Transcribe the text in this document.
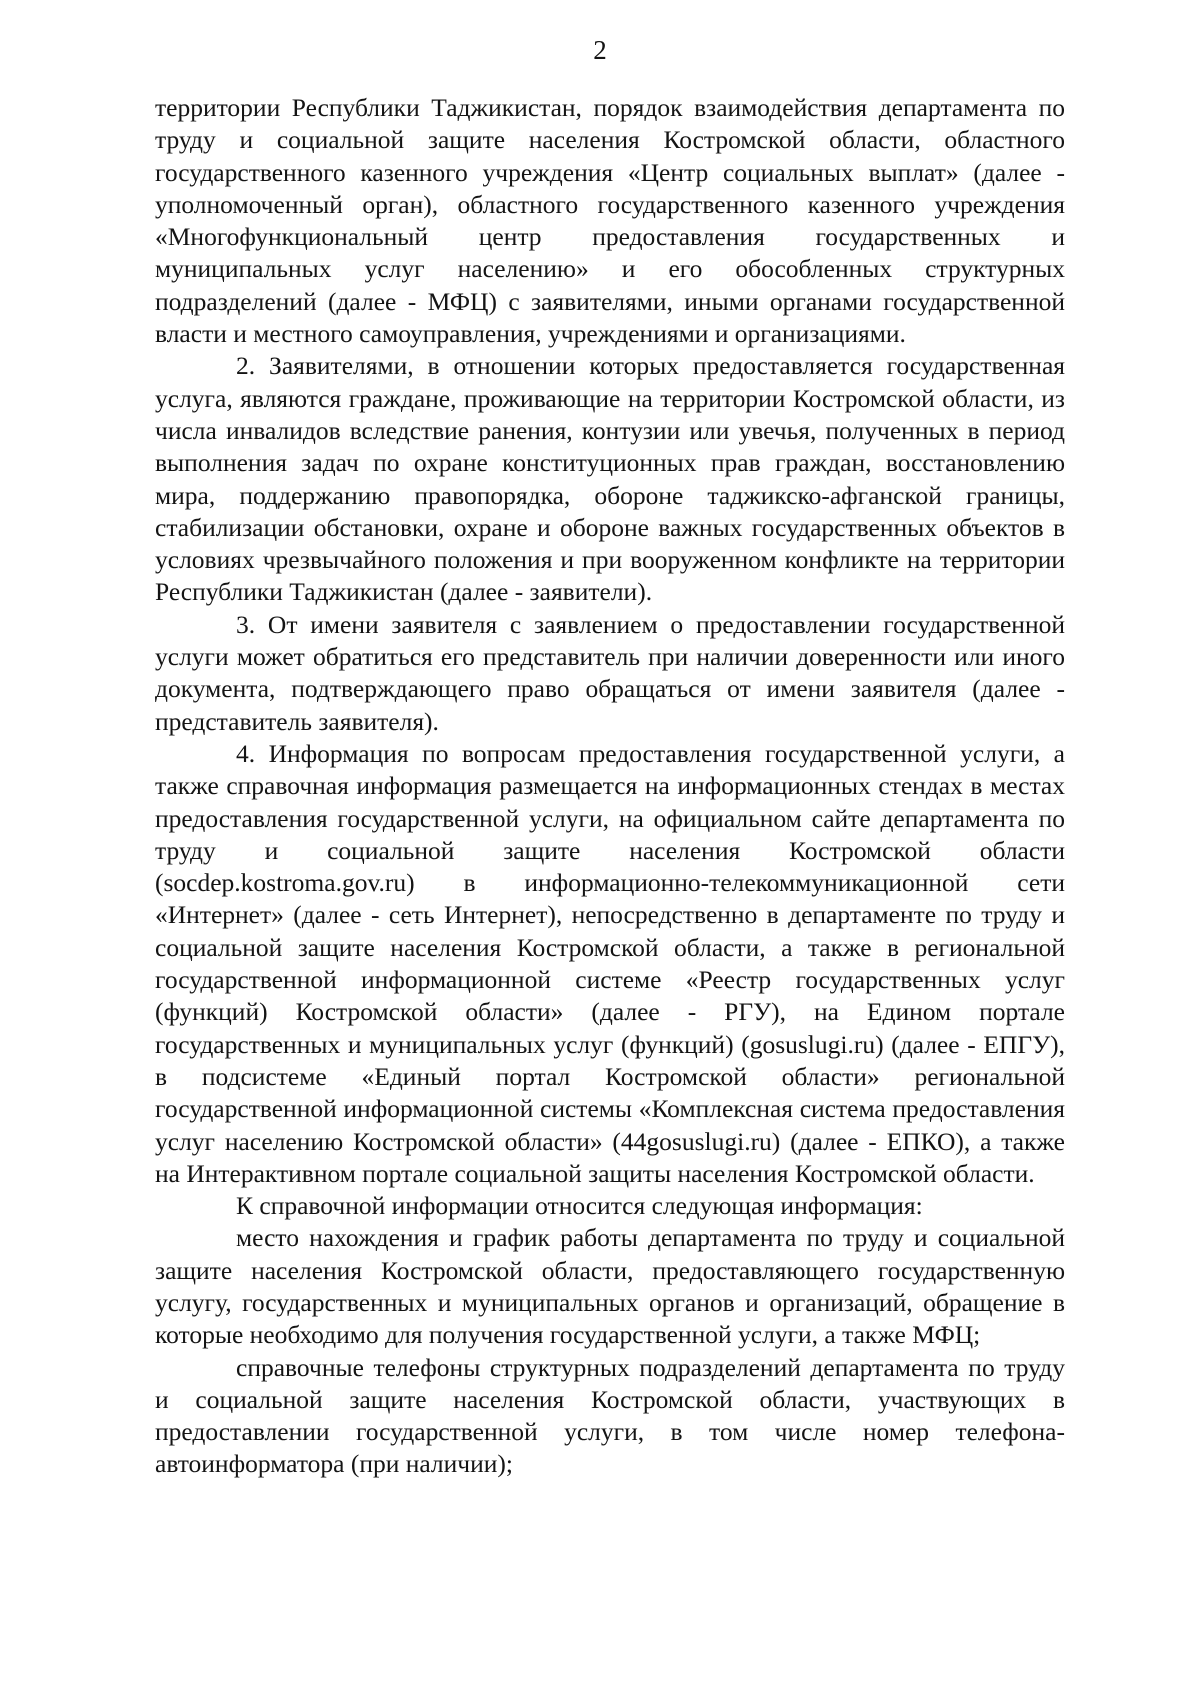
2

территории Республики Таджикистан, порядок взаимодействия департамента по труду и социальной защите населения Костромской области, областного государственного казенного учреждения «Центр социальных выплат» (далее - уполномоченный орган), областного государственного казенного учреждения «Многофункциональный центр предоставления государственных и муниципальных услуг населению» и его обособленных структурных подразделений (далее - МФЦ) с заявителями, иными органами государственной власти и местного самоуправления, учреждениями и организациями.

2. Заявителями, в отношении которых предоставляется государственная услуга, являются граждане, проживающие на территории Костромской области, из числа инвалидов вследствие ранения, контузии или увечья, полученных в период выполнения задач по охране конституционных прав граждан, восстановлению мира, поддержанию правопорядка, обороне таджикско-афганской границы, стабилизации обстановки, охране и обороне важных государственных объектов в условиях чрезвычайного положения и при вооруженном конфликте на территории Республики Таджикистан (далее - заявители).

3. От имени заявителя с заявлением о предоставлении государственной услуги может обратиться его представитель при наличии доверенности или иного документа, подтверждающего право обращаться от имени заявителя (далее - представитель заявителя).

4. Информация по вопросам предоставления государственной услуги, а также справочная информация размещается на информационных стендах в местах предоставления государственной услуги, на официальном сайте департамента по труду и социальной защите населения Костромской области (socdep.kostroma.gov.ru) в информационно-телекоммуникационной сети «Интернет» (далее - сеть Интернет), непосредственно в департаменте по труду и социальной защите населения Костромской области, а также в региональной государственной информационной системе «Реестр государственных услуг (функций) Костромской области» (далее - РГУ), на Едином портале государственных и муниципальных услуг (функций) (gosuslugi.ru) (далее - ЕПГУ), в подсистеме «Единый портал Костромской области» региональной государственной информационной системы «Комплексная система предоставления услуг населению Костромской области» (44gosuslugi.ru) (далее - ЕПКО), а также на Интерактивном портале социальной защиты населения Костромской области.

К справочной информации относится следующая информация:

место нахождения и график работы департамента по труду и социальной защите населения Костромской области, предоставляющего государственную услугу, государственных и муниципальных органов и организаций, обращение в которые необходимо для получения государственной услуги, а также МФЦ;

справочные телефоны структурных подразделений департамента по труду и социальной защите населения Костромской области, участвующих в предоставлении государственной услуги, в том числе номер телефона-автоинформатора (при наличии);
